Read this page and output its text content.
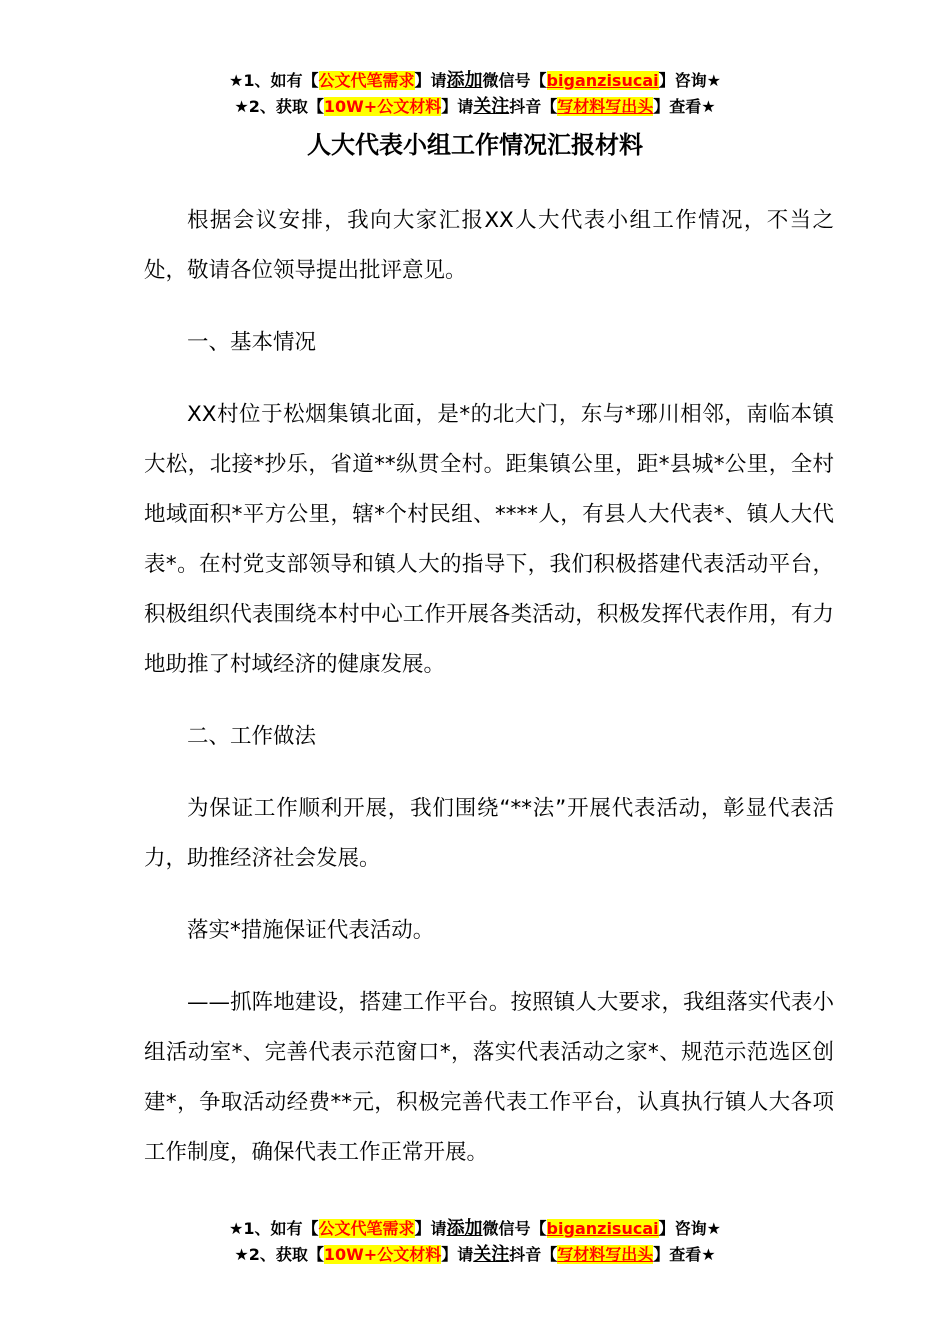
★1、如有【公文代笔需求】请添加微信号【biganzisucai】咨询★
★2、获取【10W+公文材料】请关注抖音【写材料写出头】查看★
人大代表小组工作情况汇报材料

根据会议安排，我向大家汇报XX人大代表小组工作情况，不当之处，敬请各位领导提出批评意见。

一、基本情况

XX村位于松烟集镇北面，是*的北大门，东与*琊川相邻，南临本镇大松，北接*抄乐，省道**纵贯全村。距集镇公里，距*县城*公里，全村地域面积*平方公里，辖*个村民组、****人，有县人大代表*、镇人大代表*。在村党支部领导和镇人大的指导下，我们积极搭建代表活动平台，积极组织代表围绕本村中心工作开展各类活动，积极发挥代表作用，有力地助推了村域经济的健康发展。

二、工作做法

为保证工作顺利开展，我们围绕“**法”开展代表活动，彰显代表活力，助推经济社会发展。

落实*措施保证代表活动。

——抓阵地建设，搭建工作平台。按照镇人大要求，我组落实代表小组活动室*、完善代表示范窗口*，落实代表活动之家*、规范示范选区创建*，争取活动经费**元，积极完善代表工作平台，认真执行镇人大各项工作制度，确保代表工作正常开展。

★1、如有【公文代笔需求】请添加微信号【biganzisucai】咨询★
★2、获取【10W+公文材料】请关注抖音【写材料写出头】查看★
